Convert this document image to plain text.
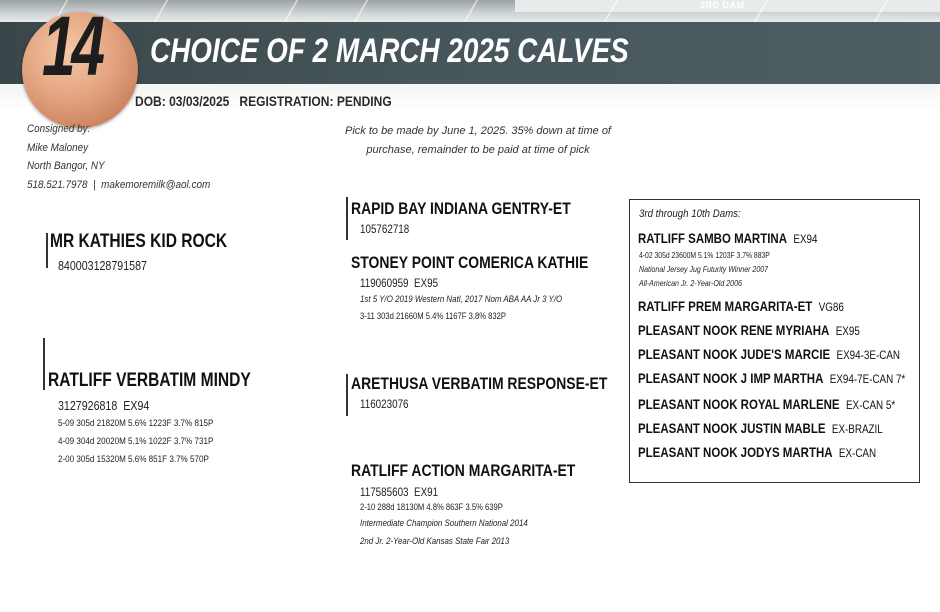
3RD DAM
14 CHOICE OF 2 MARCH 2025 CALVES
DOB: 03/03/2025   REGISTRATION: PENDING
Consigned by:
Mike Maloney
North Bangor, NY
518.521.7978  |  makemoremilk@aol.com
Pick to be made by June 1, 2025. 35% down at time of purchase, remainder to be paid at time of pick
MR KATHIES KID ROCK
840003128791587
RATLIFF VERBATIM MINDY
3127926818 EX94
5-09 305d 21820M 5.6% 1223F 3.7% 815P
4-09 304d 20020M 5.1% 1022F 3.7% 731P
2-00 305d 15320M 5.6% 851F 3.7% 570P
RAPID BAY INDIANA GENTRY-ET
105762718
STONEY POINT COMERICA KATHIE
119060959 EX95
1st 5 Y/O 2019 Western Natl, 2017 Nom ABA AA Jr 3 Y/O
3-11 303d 21660M 5.4% 1167F 3.8% 832P
ARETHUSA VERBATIM RESPONSE-ET
116023076
RATLIFF ACTION MARGARITA-ET
117585603 EX91
2-10 288d 18130M 4.8% 863F 3.5% 639P
Intermediate Champion Southern National 2014
2nd Jr. 2-Year-Old Kansas State Fair 2013
3rd through 10th Dams:
RATLIFF SAMBO MARTINA EX94
4-02 305d 23600M 5.1% 1203F 3.7% 883P
National Jersey Jug Futurity Winner 2007
All-American Jr. 2-Year-Old 2006
RATLIFF PREM MARGARITA-ET VG86
PLEASANT NOOK RENE MYRIAHA EX95
PLEASANT NOOK JUDE'S MARCIE EX94-3E-CAN
PLEASANT NOOK J IMP MARTHA EX94-7E-CAN 7*
PLEASANT NOOK ROYAL MARLENE EX-CAN 5*
PLEASANT NOOK JUSTIN MABLE EX-BRAZIL
PLEASANT NOOK JODYS MARTHA EX-CAN
